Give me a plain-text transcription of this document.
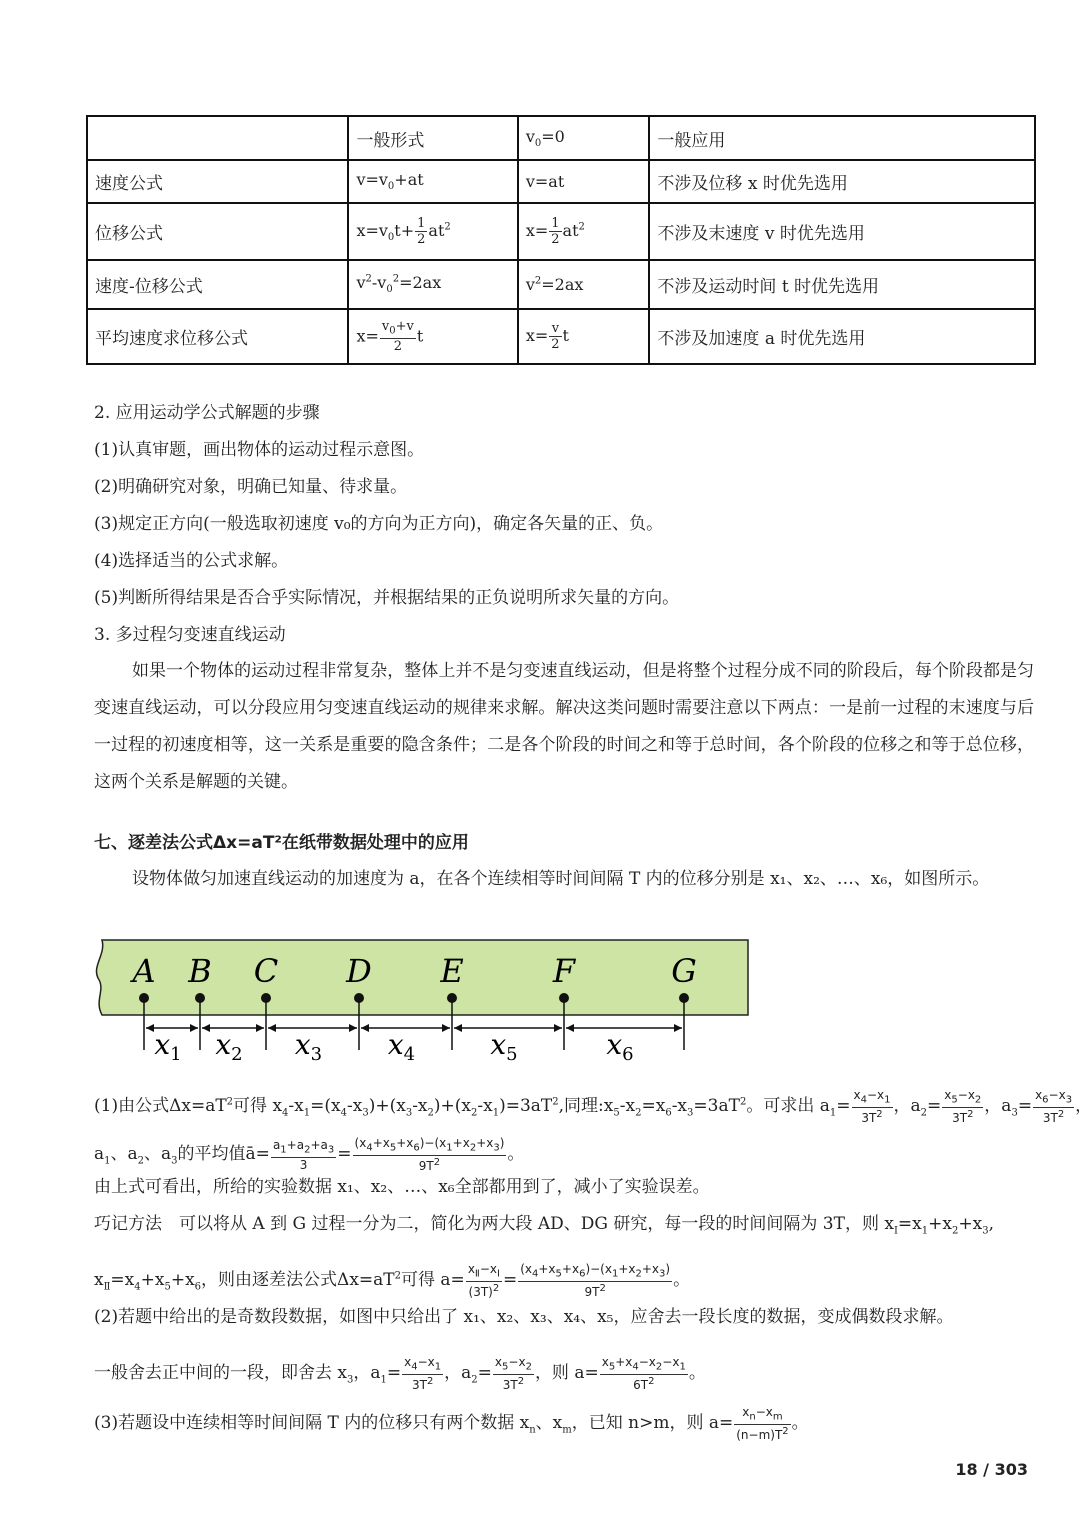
	一般形式	$v_0=0$	一般应用
速度公式	$v=v_0+at$	v=at	不涉及位移 x 时优先选用
位移公式	$x=v_0t+ \frac{1}{2} at^2$	$x= \frac{1}{2} at^2$	不涉及末速度 v 时优先选用
速度-位移公式	$v^2-v_0^2=2ax$	$v^2=2ax$	不涉及运动时间 t 时优先选用
平均速度求位移公式	$x= \frac{v_0+v}{2}$ t	$x= \frac{v}{2}$ t	不涉及加速度 a 时优先选用
2. 应用运动学公式解题的步骤
(1)认真审题，画出物体的运动过程示意图。
(2)明确研究对象，明确已知量、待求量。
(3)规定正方向(一般选取初速度 v₀的方向为正方向)，确定各矢量的正、负。
(4)选择适当的公式求解。
(5)判断所得结果是否合乎实际情况，并根据结果的正负说明所求矢量的方向。
3. 多过程匀变速直线运动
如果一个物体的运动过程非常复杂，整体上并不是匀变速直线运动，但是将整个过程分成不同的阶段后，每个阶段都是匀变速直线运动，可以分段应用匀变速直线运动的规律来求解。解决这类问题时需要注意以下两点：一是前一过程的末速度与后一过程的初速度相等，这一关系是重要的隐含条件；二是各个阶段的时间之和等于总时间，各个阶段的位移之和等于总位移，这两个关系是解题的关键。
七、逐差法公式Δx=aT²在纸带数据处理中的应用
设物体做匀加速直线运动的加速度为 a，在各个连续相等时间间隔 T 内的位移分别是 x₁、x₂、…、x₆，如图所示。
A B C D E	F	G
$x_1$ $x_2$ $x_3$ $x_4$	$x_5$	$x_6$
(1)由公式$\Delta x=aT^2$可得 $x_4-x_1=(x_4-x_3)+(x_3-x_2)+(x_2-x_1)=3aT^2$,同理$:x_5-x_2=x_6-x_3=3aT^2$。可求出 $a_1= \frac{x_4-x_1}{3T^2}$ ，$a_2= \frac{x_5-x_2}{3T^2}$ ，$a_3= \frac{x_6-x_3}{3T^2}$ ，
$a_1$、$a_2$、$a_3$的平均值ā= $\frac{a_1+a_2+a_3}{3} = \frac{(x_4+x_5+x_6)-(x_1+x_2+x_3)}{9T^2}$ 。
由上式可看出，所给的实验数据 x₁、x₂、…、x₆全部都用到了，减小了实验误差。
巧记方法　可以将从 A 到 G 过程一分为二，简化为两大段 AD、DG 研究，每一段的时间间隔为 3T，则 $x_Ⅰ=x_1+x_2+x_3$,
$x_Ⅱ=x_4+x_5+x_6$，则由逐差法公式$\Delta x=aT^2$可得 $a= \frac{x_Ⅱ-x_Ⅰ}{(3T)^2} = \frac{(x_4+x_5+x_6)-(x_1+x_2+x_3)}{9T^2}$ 。
(2)若题中给出的是奇数段数据，如图中只给出了 x₁、x₂、x₃、x₄、x₅，应舍去一段长度的数据，变成偶数段求解。
一般舍去正中间的一段，即舍去 $x_3$，$a_1= \frac{x_4-x_1}{3T^2}$ ，$a_2= \frac{x_5-x_2}{3T^2}$ ，则 $a= \frac{x_5+x_4-x_2-x_1}{6T^2}$ 。
(3)若题设中连续相等时间间隔 T 内的位移只有两个数据 $x_n$、$x_m$，已知 n>m，则 $a= \frac{x_n-x_m}{(n-m)T^2}$ 。
18 / 303
